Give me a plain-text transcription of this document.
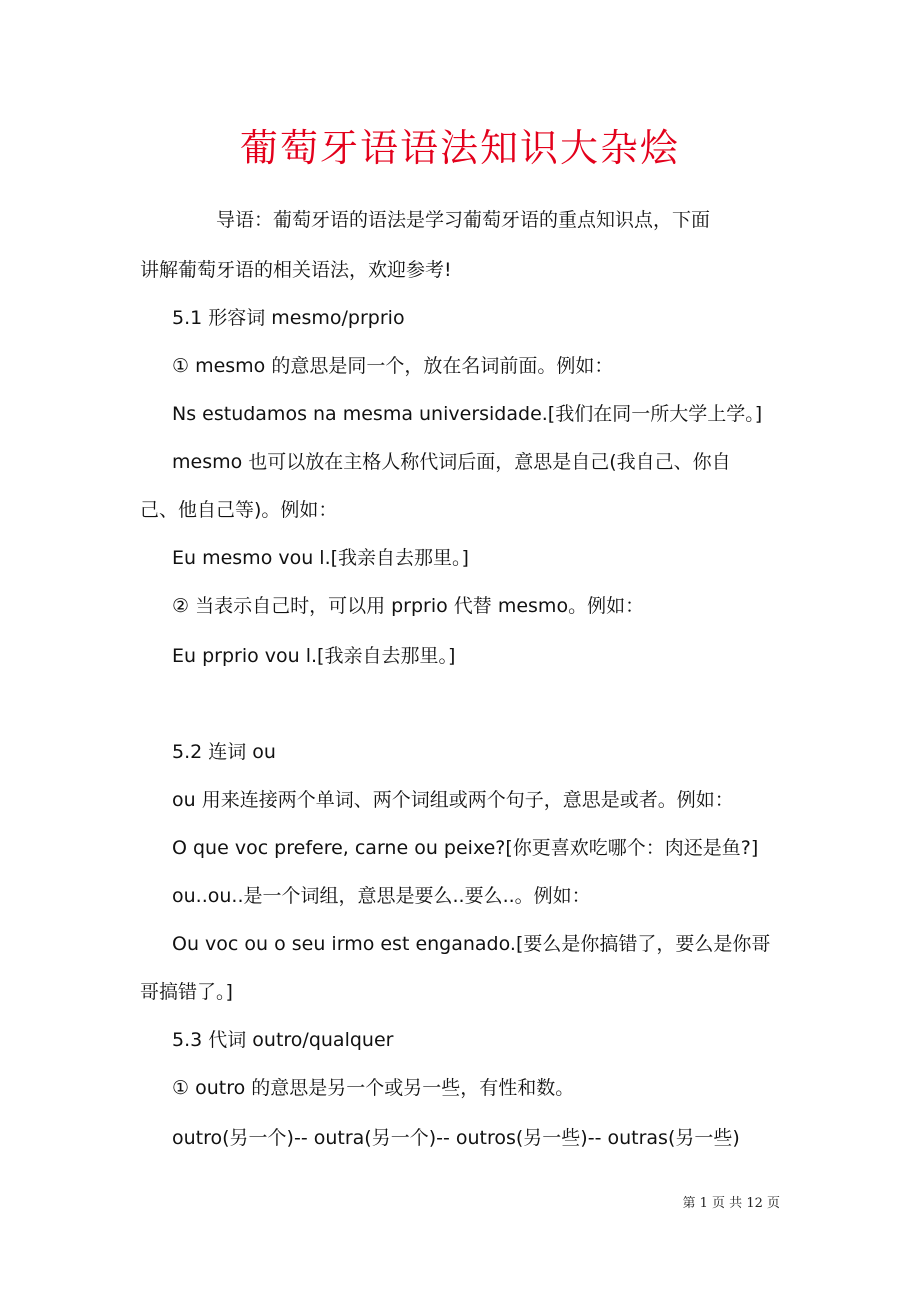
葡萄牙语语法知识大杂烩
导语：葡萄牙语的语法是学习葡萄牙语的重点知识点，下面
讲解葡萄牙语的相关语法，欢迎参考!
5.1 形容词 mesmo/prprio
① mesmo 的意思是同一个，放在名词前面。例如：
Ns estudamos na mesma universidade.[我们在同一所大学上学。]
mesmo 也可以放在主格人称代词后面，意思是自己(我自己、你自
己、他自己等)。例如：
Eu mesmo vou l.[我亲自去那里。]
② 当表示自己时，可以用 prprio 代替 mesmo。例如：
Eu prprio vou l.[我亲自去那里。]
5.2 连词 ou
ou 用来连接两个单词、两个词组或两个句子，意思是或者。例如：
O que voc prefere, carne ou peixe?[你更喜欢吃哪个：肉还是鱼?]
ou..ou..是一个词组，意思是要么..要么..。例如：
Ou voc ou o seu irmo est enganado.[要么是你搞错了，要么是你哥
哥搞错了。]
5.3 代词 outro/qualquer
① outro 的意思是另一个或另一些，有性和数。
outro(另一个)-- outra(另一个)-- outros(另一些)-- outras(另一些)
第 1 页 共 12 页
